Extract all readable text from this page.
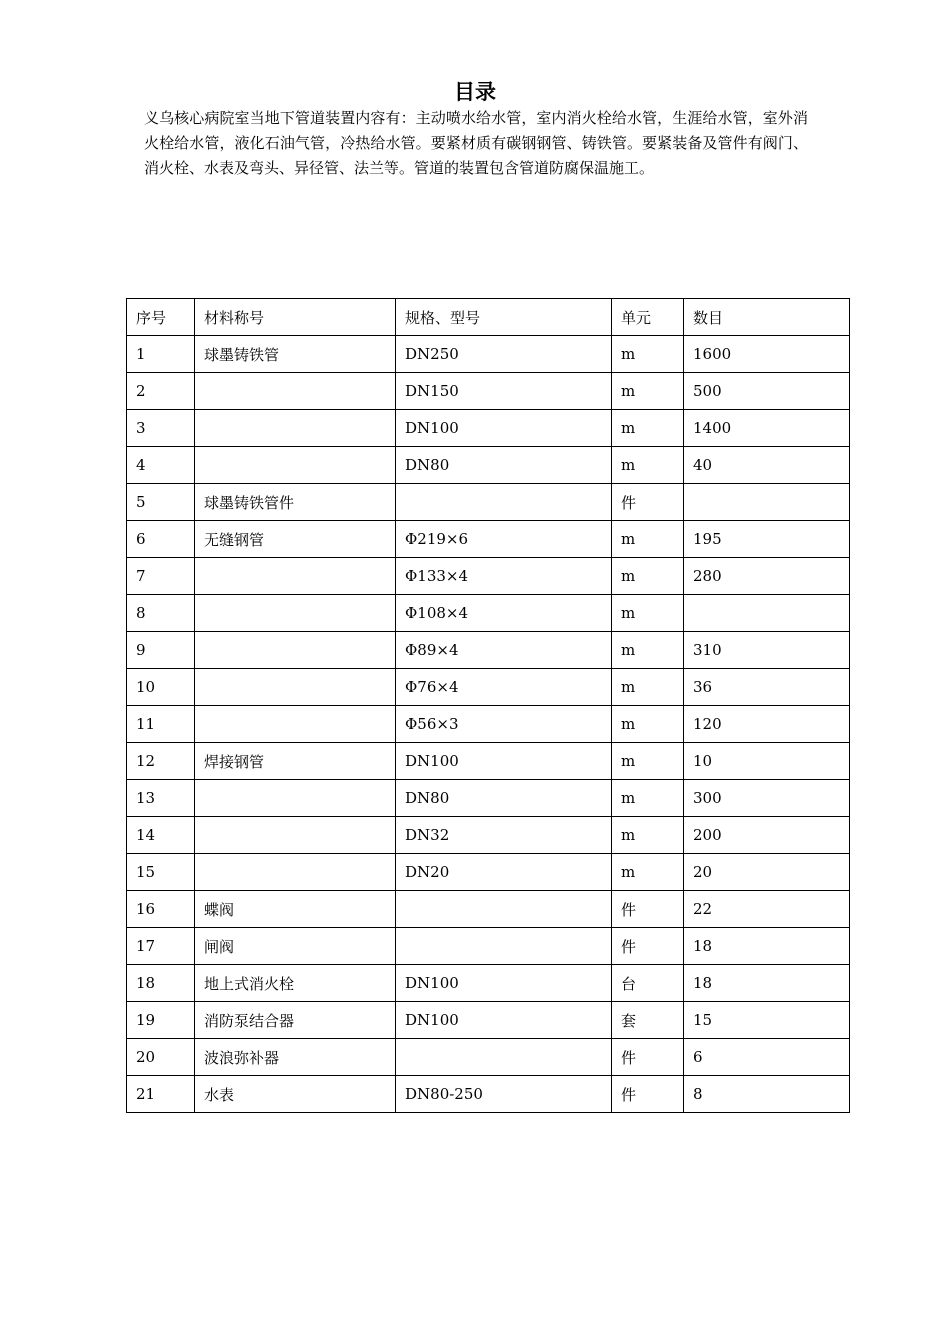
目录

义乌核心病院室当地下管道装置内容有：主动喷水给水管，室内消火栓给水管，生涯给水管，室外消火栓给水管，液化石油气管，冷热给水管。要紧材质有碳钢钢管、铸铁管。要紧装备及管件有阀门、消火栓、水表及弯头、异径管、法兰等。管道的装置包含管道防腐保温施工。

序号	材料称号	规格、型号	单元	数目
1	球墨铸铁管	DN250	m	1600
2		DN150	m	500
3		DN100	m	1400
4		DN80	m	40
5	球墨铸铁管件		件	
6	无缝钢管	Φ219×6	m	195
7		Φ133×4	m	280
8		Φ108×4	m	
9		Φ89×4	m	310
10		Φ76×4	m	36
11		Φ56×3	m	120
12	焊接钢管	DN100	m	10
13		DN80	m	300
14		DN32	m	200
15		DN20	m	20
16	蝶阀		件	22
17	闸阀		件	18
18	地上式消火栓	DN100	台	18
19	消防泵结合器	DN100	套	15
20	波浪弥补器		件	6
21	水表	DN80-250	件	8
